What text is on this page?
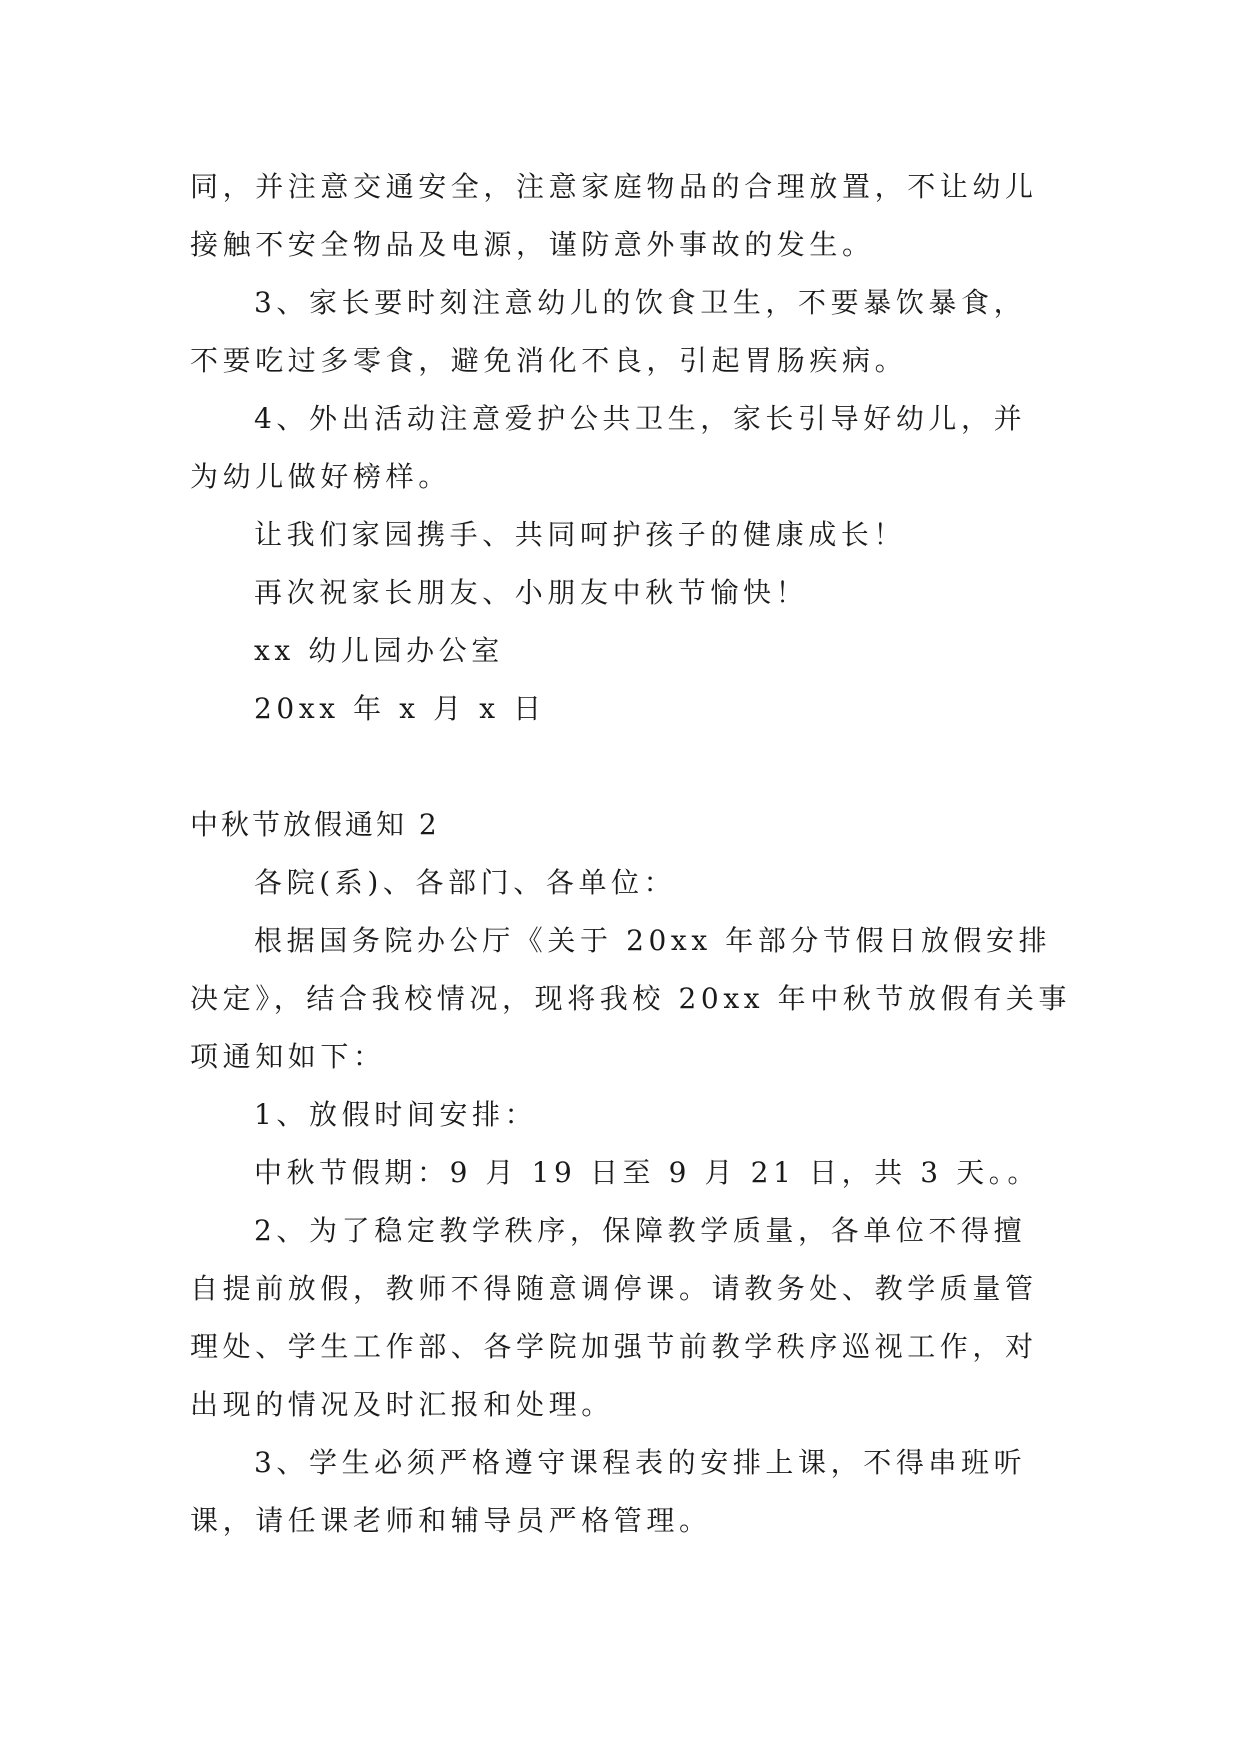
同，并注意交通安全，注意家庭物品的合理放置，不让幼儿
接触不安全物品及电源，谨防意外事故的发生。
3、家长要时刻注意幼儿的饮食卫生，不要暴饮暴食，
不要吃过多零食，避免消化不良，引起胃肠疾病。
4、外出活动注意爱护公共卫生，家长引导好幼儿，并
为幼儿做好榜样。
让我们家园携手、共同呵护孩子的健康成长！
再次祝家长朋友、小朋友中秋节愉快！
xx 幼儿园办公室
20xx 年 x 月 x 日
中秋节放假通知 2
各院(系)、各部门、各单位：
根据国务院办公厅《关于 20xx 年部分节假日放假安排
决定》，结合我校情况，现将我校 20xx 年中秋节放假有关事
项通知如下：
1、放假时间安排：
中秋节假期：9 月 19 日至 9 月 21 日，共 3 天。。
2、为了稳定教学秩序，保障教学质量，各单位不得擅
自提前放假，教师不得随意调停课。请教务处、教学质量管
理处、学生工作部、各学院加强节前教学秩序巡视工作，对
出现的情况及时汇报和处理。
3、学生必须严格遵守课程表的安排上课，不得串班听
课，请任课老师和辅导员严格管理。
